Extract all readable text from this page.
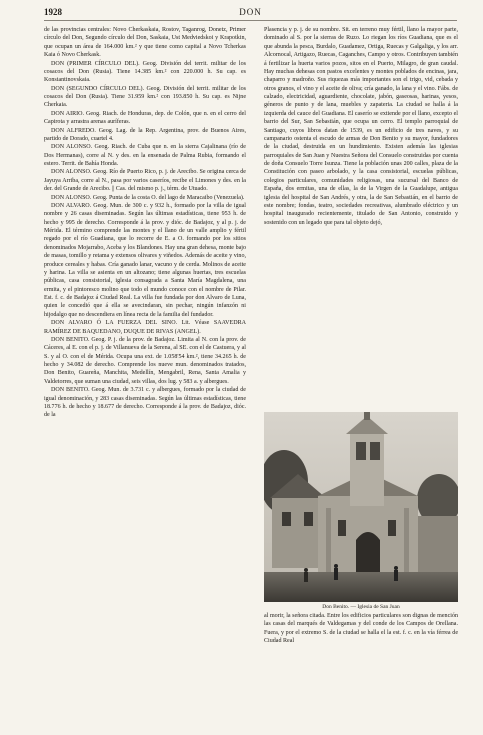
1928	DON

de las provincias centrales: Novo Cherkaskaia, Rostov, Taganrog, Donetz, Primer círculo del Don, Segundo círculo del Don, Saskaia, Ust Medviedskoi y Krapotkin, que ocupan un área de 164.000 km.² y que tiene como capital a Novo Tcherkas Kaia ó Novo Cherkask.

DON (PRIMER CÍRCULO DEL). Geog. División del territ. militar de los cosacos del Don (Rusia). Tiene 14.385 km.² con 220.000 h. Su cap. es Konstantinovskaia.

DON (SEGUNDO CÍRCULO DEL). Geog. División del territ. militar de los cosacos del Don (Rusia). Tiene 31.959 km.² con 193.850 h. Su cap. es Nijne Cherkaia.

DON AIRIO. Geog. Riach. de Honduras, dep. de Colón, que n. en el cerro del Capirota y arrastra arenas auríferas.

DON ALFREDO. Geog. Lag. de la Rep. Argentina, prov. de Buenos Aires, partido de Dorado, cuartel 4.

DON ALONSO. Geog. Riach. de Cuba que n. en la sierra Cajalinana (río de Dos Hermanas), corre al N. y des. en la ensenada de Palma Rubia, formando el estero. Territ. de Bahía Honda.

DON ALONSO. Geog. Río de Puerto Rico, p. j. de Arecibo. Se origina cerca de Jayuya Arriba, corre al N., pasa por varios caseríos, recibe el Limones y des. en la der. del Grande de Arecibo. || Cas. del mismo p. j., térm. de Utuado.

DON ALONSO. Geog. Punta de la costa O. del lago de Maracaibo (Venezuela).

DON ALVARO. Geog. Mun. de 300 c. y 932 h., formado por la villa de igual nombre y 26 casas diseminadas. Según las últimas estadísticas, tiene 953 h. de hecho y 995 de derecho. Corresponde á la prov. y dióc. de Badajoz, y al p. j. de Mérida. El término comprende las montes y el llano de un valle amplio y fértil regado por el río Guadiana, que lo recorre de E. a O. formando por los sitios denominados Mojarrabo, Aceba y los Blandones. Hay una gran dehesa, monte bajo de masas, tomillo y retama y extensos olivares y viñedos. Además de aceite y vino, produce cereales y habas. Cría ganado lanar, vacuno y de cerda. Molinos de aceite y harina. La villa se asienta en un altozano; tiene algunas huertas, tres escuelas públicas, casa consistorial, iglesia consagrada a Santa María Magdalena, una ermita, y el pintoresco molino que todo el mundo conoce con el nombre de Pilar. Est. f. c. de Badajoz á Ciudad Real. La villa fue fundada por don Alvaro de Luna, quien le concedió que á ella se avecindaran, sin pechar, ningún infanzón ni hijodalgo que no descendiera en línea recta de la familia del fundador.

DON ALVARO Ó LA FUERZA DEL SINO. Lit. Véase SAAVEDRA RAMÍREZ DE BAQUEDANO, DUQUE DE RIVAS (ANGEL).

DON BENITO. Geog. P. j. de la prov. de Badajoz. Limita al N. con la prov. de Cáceres, al E. con el p. j. de Villanueva de la Serena, al SE. con el de Castuera, y al S. y al O. con el de Mérida. Ocupa una ext. de 1.058'54 km.², tiene 34.265 h. de hecho y 34.082 de derecho. Comprende los nueve mun. denominados tratados, Don Benito, Guareña, Manchita, Medellín, Mengabril, Rena, Santa Amalia y Valdetorres, que suman una ciudad, seis villas, dos lug. y 583 a. y albergues.

DON BENITO. Geog. Mun. de 3.731 c. y albergues, formado por la ciudad de igual denominación, y 283 casas diseminadas. Según las últimas estadísticas, tiene 18.776 h. de hecho y 18.677 de derecho. Corresponde á la prov. de Badajoz, dióc. de la

Plasencia y p. j. de su nombre. Sit. en terreno muy fértil, llano la mayor parte, dominado al S. por la sierras de Ruzo. Lo riegan los ríos Guadiana, que es el que abunda la pesca, Burdalo, Guadamez, Ortiga, Ruecas y Galgaliga, y los arr. Alcornocal, Artigazo, Ruecas, Caganches, Campo y otros. Contribuyen también á fertilizar la huerta varios pozos, sitos en el Puerto, Milagro, de gran caudal. Hay muchas dehesas con pastos excelentes y montes poblados de encinas, jara, chaparro y madroño. Sus riquezas más importantes son el trigo, vid, cebada y otros granos, el vino y el aceite de oliva; cría ganado, la lana y el vino. Fábs. de calzado, electricidad, aguardiente, chocolate, jabón, gaseosas, harinas, yesos, géneros de punto y de lana, muebles y zapateria. La ciudad se halla á la izquierda del cauce del Guadiana. El caserío se extiende por el llano, excepto el barrio del Sur, San Sebastián, que ocupa un cerro. El templo parroquial de Santiago, cuyos libros datan de 1539, es un edificio de tres naves, y su campanario ostenta el escudo de armas de Don Benito y su mayor, fundadores de la ciudad, destruida en un hundimiento. Existen además las iglesias parroquiales de San Juan y Nuestra Señora del Consuelo construidas por cuenta de doña Consuelo Torre Isunza. Tiene la población unas 200 calles, plaza de la Constitución con paseo arbolado, y la casa consistorial, escuelas públicas, colegios particulares, comunidades religiosas, una sucursal del Banco de España, dos ermitas, una de ellas, la de la Virgen de la Guadalupe, antigua iglesia del hospital de San Andrés, y otra, la de San Sebastián, en el barrio de este nombre; fondas, teatro, sociedades recreativas, alumbrado eléctrico y un hospital inaugurado recientemente, titulado de San Antonio, construido y sostenido con un legado que para tal objeto dejó,

Don Benito. — Iglesia de San Juan

al morir, la señora citada. Entre los edificios particulares son dignas de mención las casas del marqués de Valdegamas y del conde de los Campos de Orellana. Fuera, y por el extremo S. de la ciudad se halla el la est. f. c. en la vía férrea de Ciudad Real
